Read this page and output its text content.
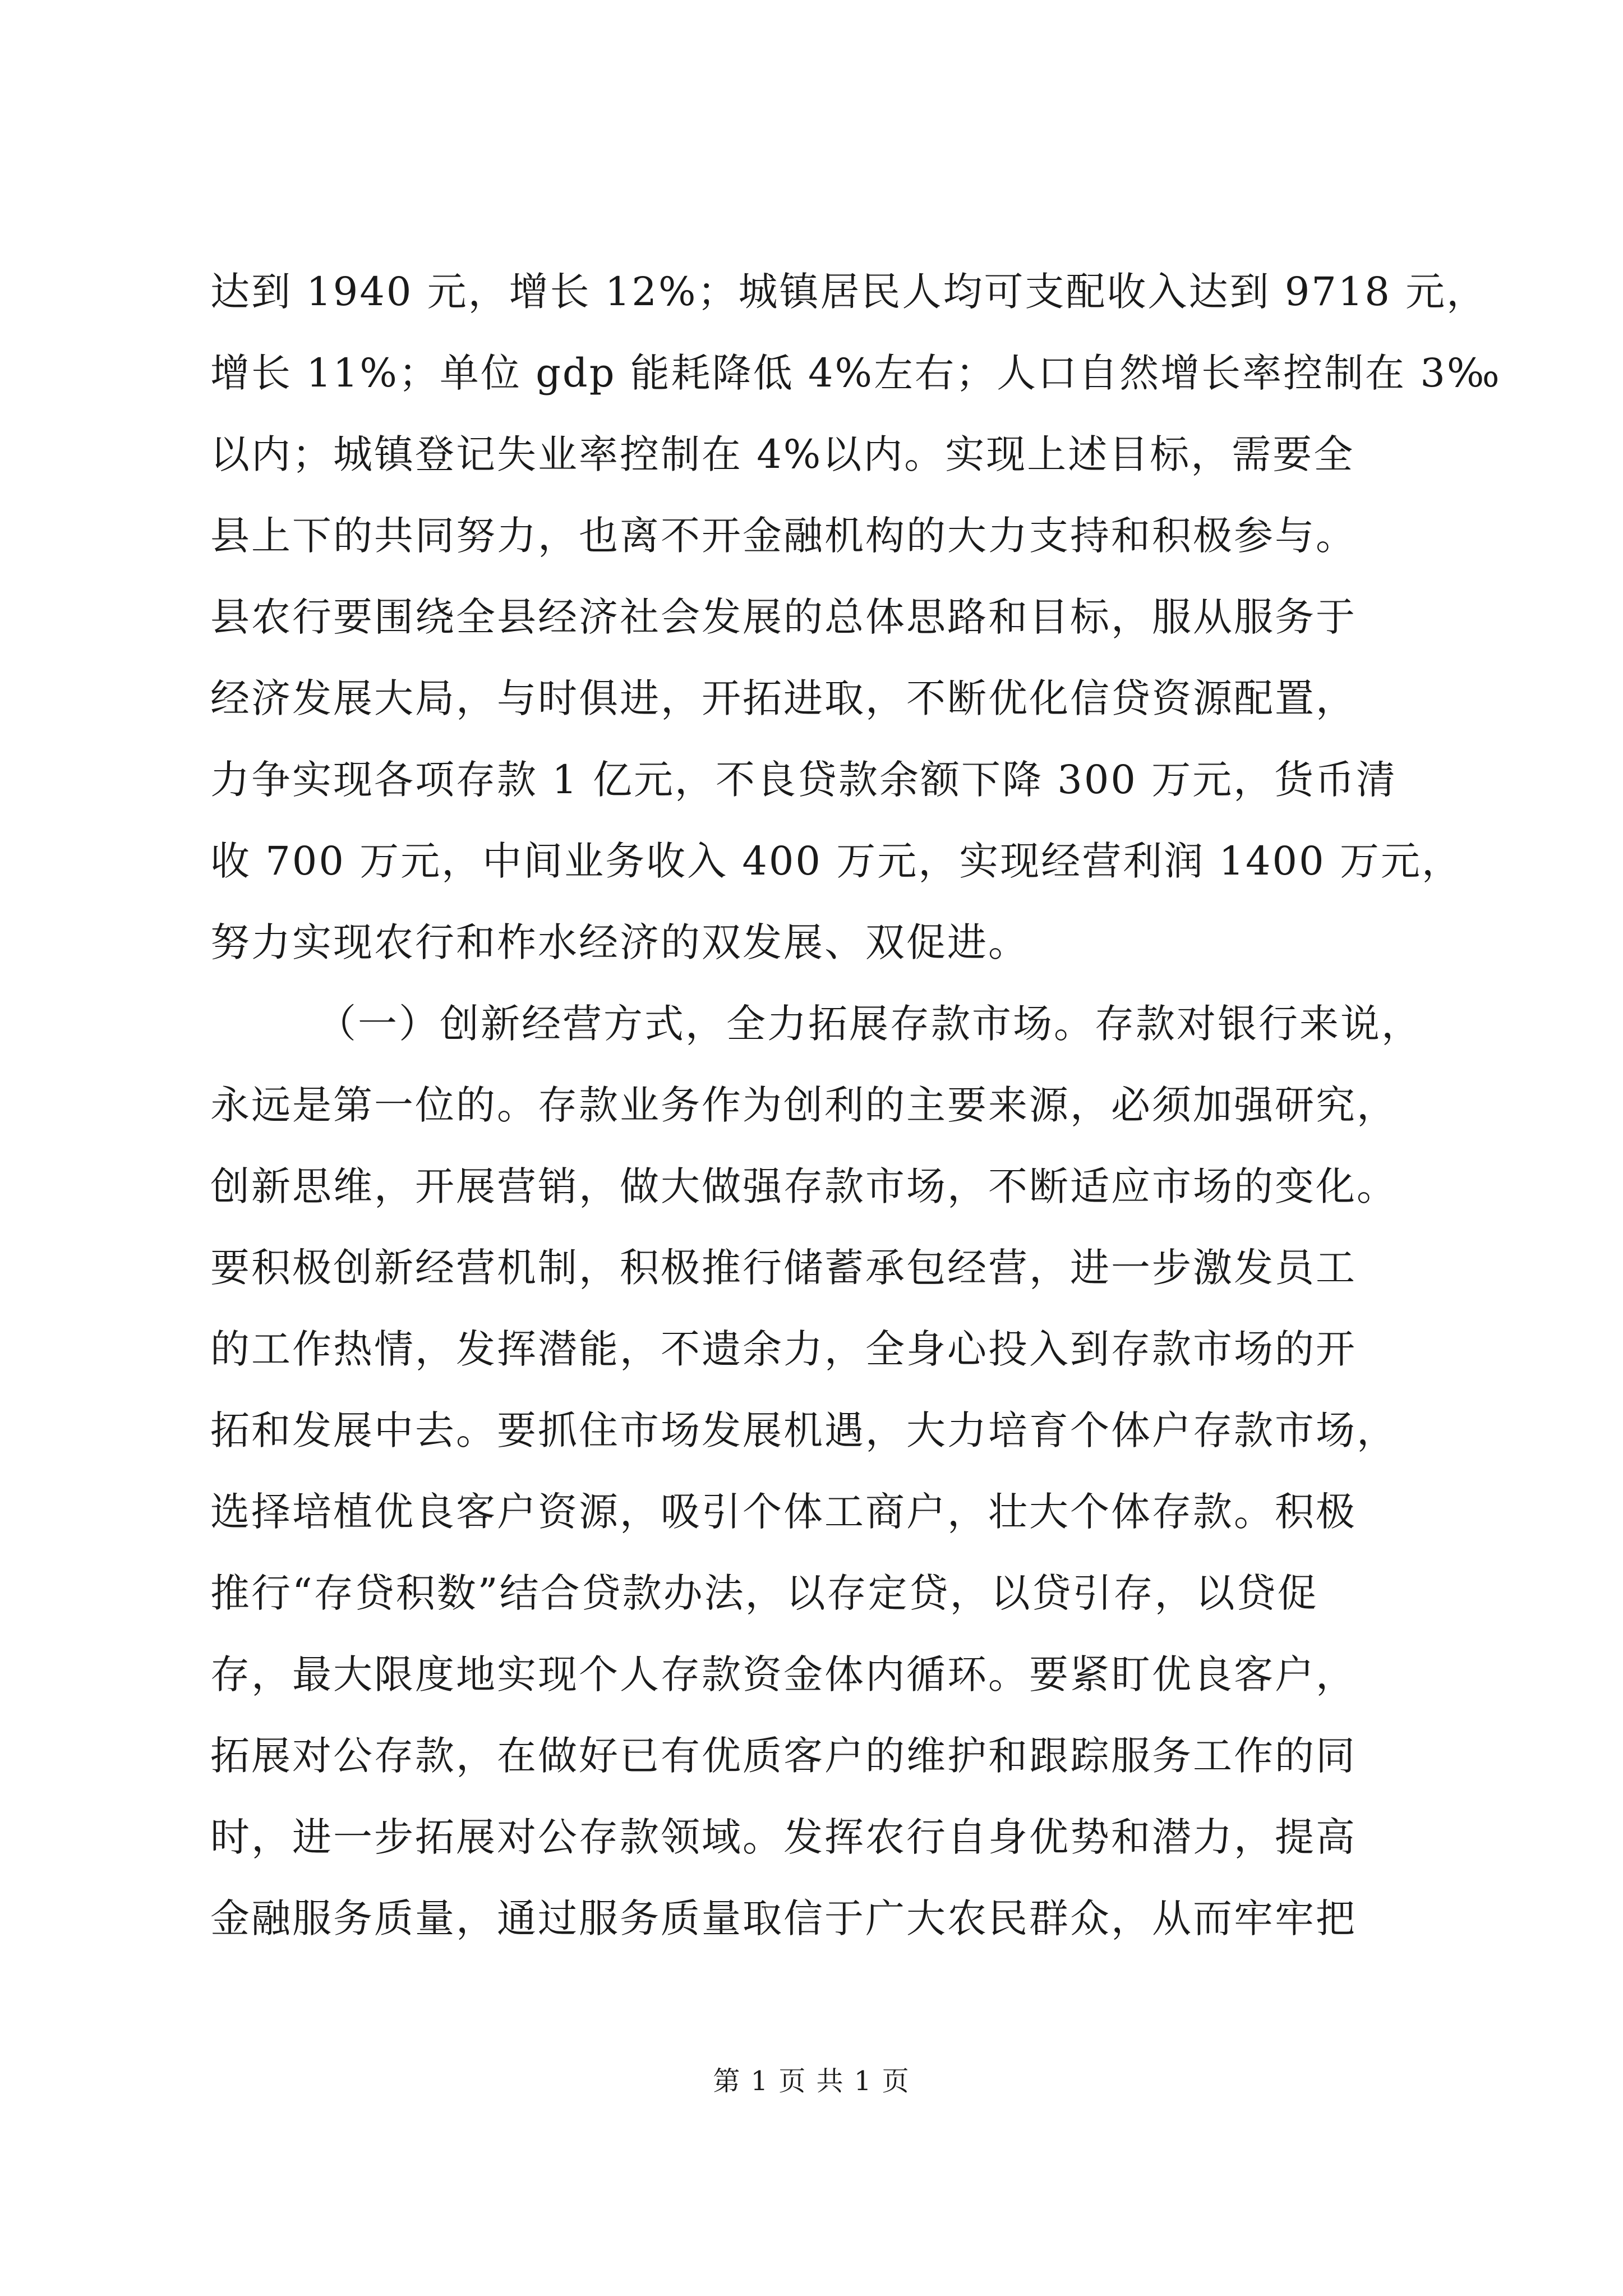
达到 1940 元，增长 12%；城镇居民人均可支配收入达到 9718 元，
增长 11%；单位 gdp 能耗降低 4%左右；人口自然增长率控制在 3‰
以内；城镇登记失业率控制在 4%以内。实现上述目标，需要全
县上下的共同努力，也离不开金融机构的大力支持和积极参与。
县农行要围绕全县经济社会发展的总体思路和目标，服从服务于
经济发展大局，与时俱进，开拓进取，不断优化信贷资源配置，
力争实现各项存款 1 亿元，不良贷款余额下降 300 万元，货币清
收 700 万元，中间业务收入 400 万元，实现经营利润 1400 万元，
努力实现农行和柞水经济的双发展、双促进。
（一）创新经营方式，全力拓展存款市场。存款对银行来说，
永远是第一位的。存款业务作为创利的主要来源，必须加强研究，
创新思维，开展营销，做大做强存款市场，不断适应市场的变化。
要积极创新经营机制，积极推行储蓄承包经营，进一步激发员工
的工作热情，发挥潜能，不遗余力，全身心投入到存款市场的开
拓和发展中去。要抓住市场发展机遇，大力培育个体户存款市场，
选择培植优良客户资源，吸引个体工商户，壮大个体存款。积极
推行“存贷积数”结合贷款办法，以存定贷，以贷引存，以贷促
存，最大限度地实现个人存款资金体内循环。要紧盯优良客户，
拓展对公存款，在做好已有优质客户的维护和跟踪服务工作的同
时，进一步拓展对公存款领域。发挥农行自身优势和潜力，提高
金融服务质量，通过服务质量取信于广大农民群众，从而牢牢把
第 1 页 共 1 页
